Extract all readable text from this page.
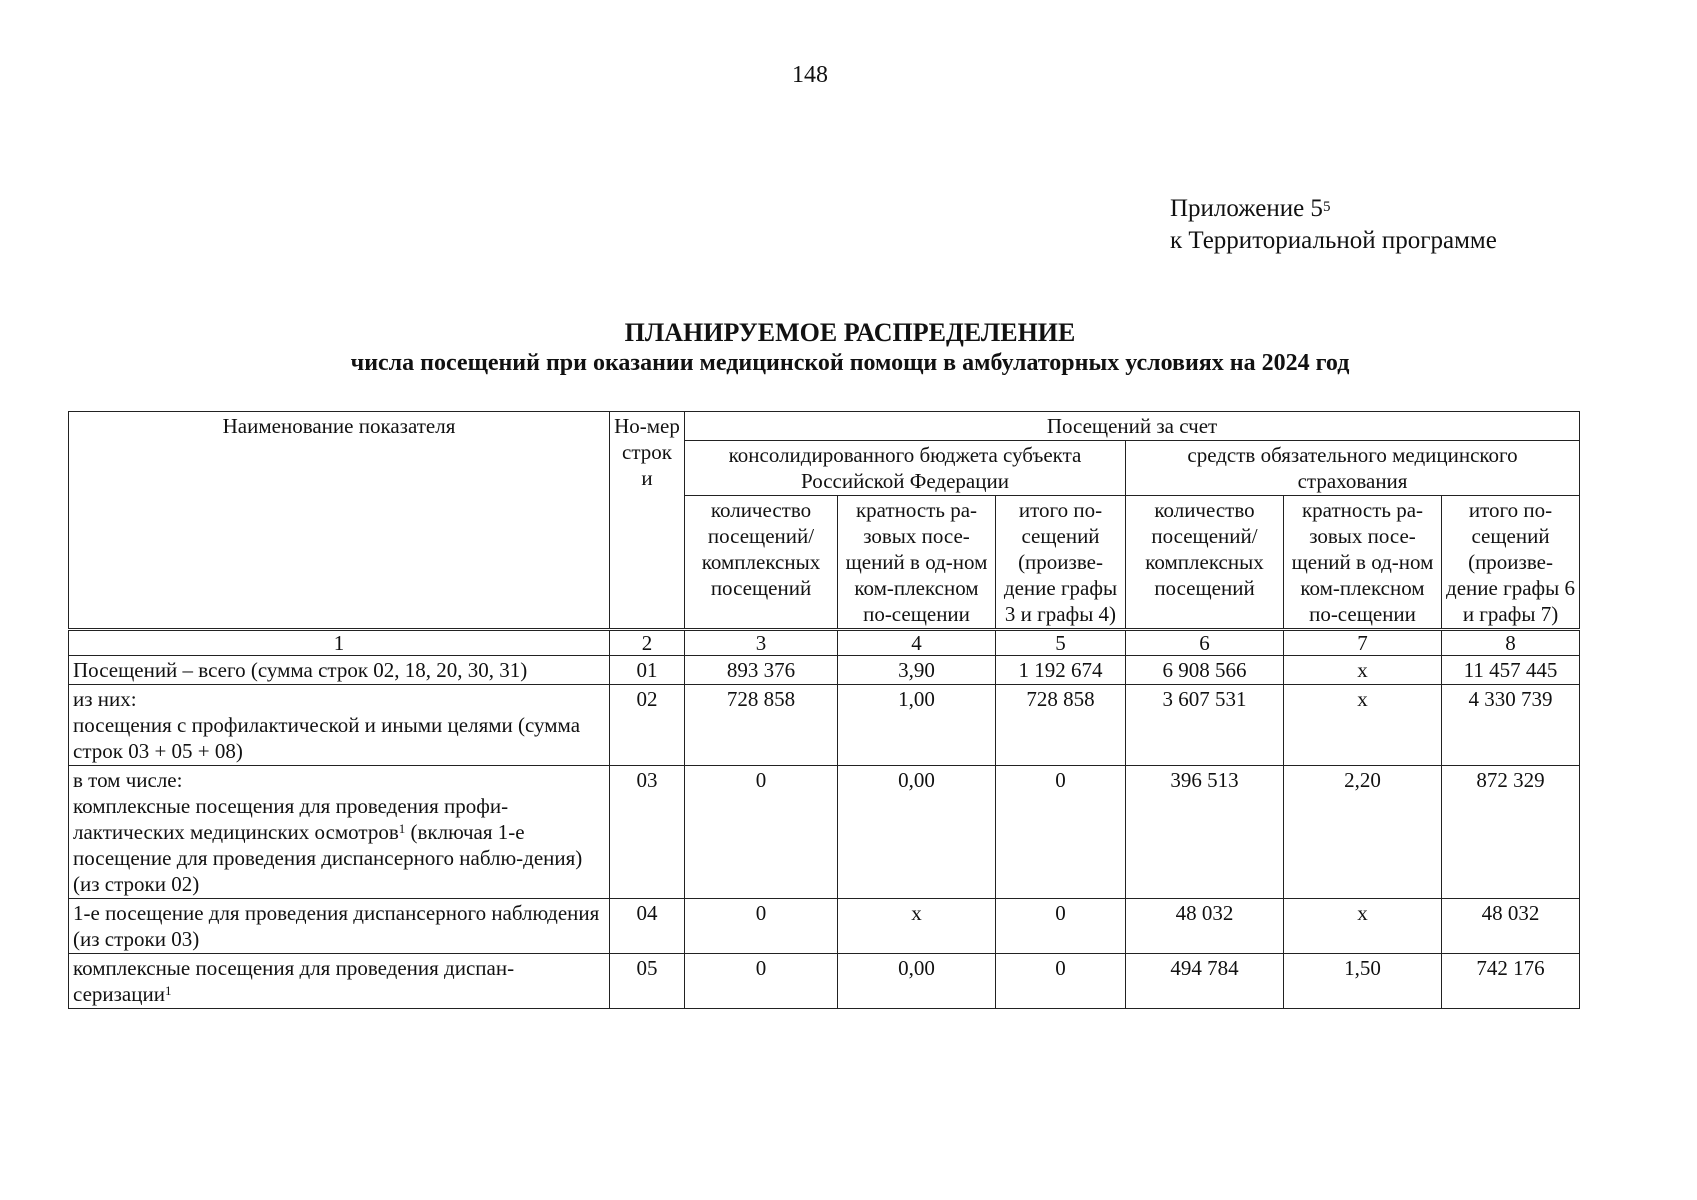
148
Приложение $5^5$
к Территориальной программе
ПЛАНИРУЕМОЕ РАСПРЕДЕЛЕНИЕ
числа посещений при оказании медицинской помощи в амбулаторных условиях на 2024 год
Наименование показателя	Но-мер строк и	Посещений за счет					
		консолидированного бюджета субъекта Российской Федерации			средств обязательного медицинского страхования		
		количество посещений/ комплексных посещений	кратность ра-зовых посе-щений в од-ном ком-плексном по-сещении	итого по-сещений (произве-дение графы 3 и графы 4)	количество посещений/ комплексных посещений	кратность ра-зовых посе-щений в од-ном ком-плексном по-сещении	итого по-сещений (произве-дение графы 6 и графы 7)
1	2	3	4	5	6	7	8

Посещений – всего (сумма строк 02, 18, 20, 30, 31)	01	893 376	3,90	1 192 674	6 908 566	х	11 457 445

из них:
посещения с профилактической и иными целями (сумма строк 03 + 05 + 08)	02	728 858	1,00	728 858	3 607 531	х	4 330 739

в том числе:
комплексные посещения для проведения профи-лактических медицинских осмотров$^1$ (включая 1-е посещение для проведения диспансерного наблю-дения) (из строки 02)	03	0	0,00	0	396 513	2,20	872 329

1-е посещение для проведения диспансерного наблюдения (из строки 03)	04	0	х	0	48 032	х	48 032
комплексные посещения для проведения диспан-серизации$^1$	05	0	0,00	0	494 784	1,50	742 176
